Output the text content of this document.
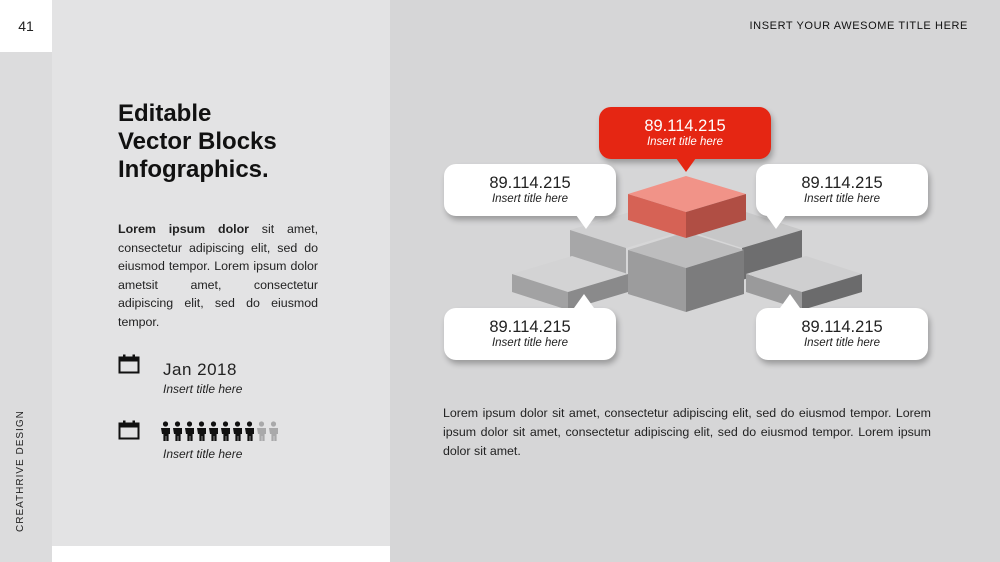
41
CREATHRIVE DESIGN
Editable
Vector Blocks
Infographics.
Lorem ipsum dolor sit amet, consectetur adipiscing elit, sed do eiusmod tempor. Lorem ipsum dolor ametsit amet, consectetur adipiscing elit, sed do eiusmod tempor.
Jan 2018
Insert title here
Insert title here
INSERT YOUR AWESOME TITLE HERE
89.114.215
Insert title here
89.114.215
Insert title here
89.114.215
Insert title here
89.114.215
Insert title here
89.114.215
Insert title here
Lorem ipsum dolor sit amet, consectetur adipiscing elit, sed do eiusmod tempor. Lorem ipsum dolor sit amet, consectetur adipiscing elit, sed do eiusmod tempor. Lorem ipsum dolor sit amet.
